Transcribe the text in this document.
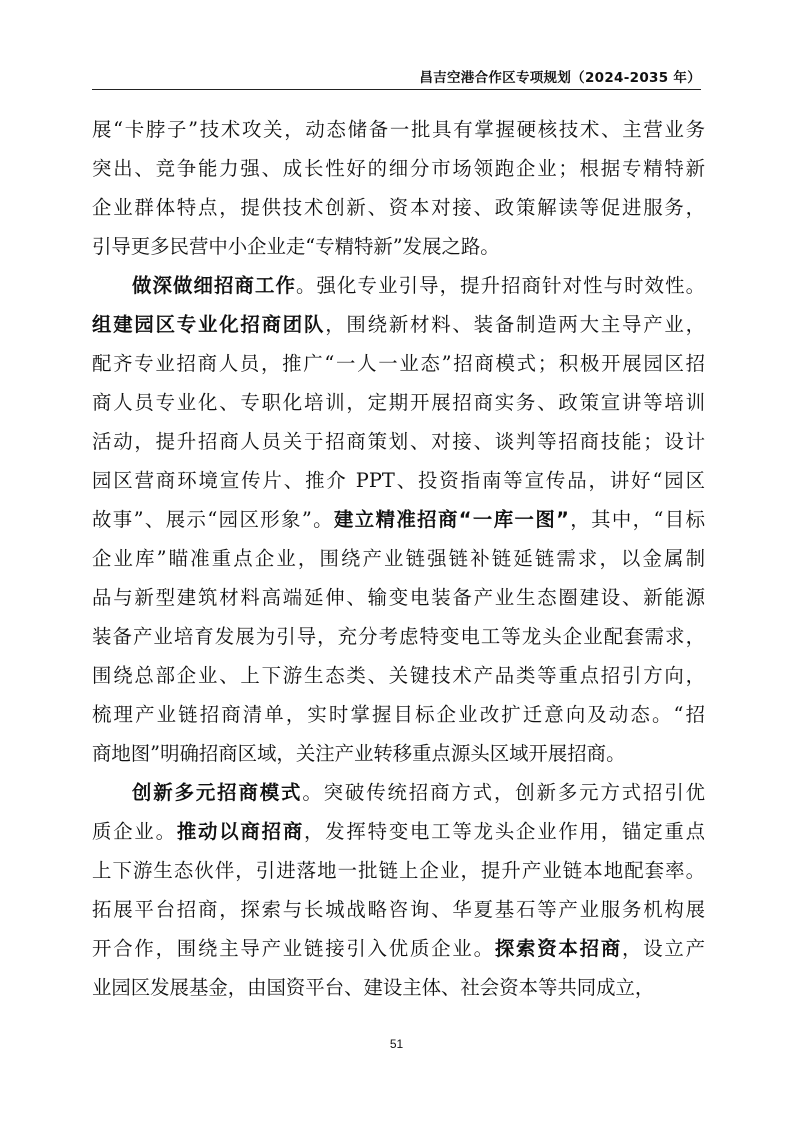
昌吉空港合作区专项规划（2024-2035 年）
展“卡脖子”技术攻关，动态储备一批具有掌握硬核技术、主营业务
突出、竞争能力强、成长性好的细分市场领跑企业；根据专精特新
企业群体特点，提供技术创新、资本对接、政策解读等促进服务，
引导更多民营中小企业走“专精特新”发展之路。
做深做细招商工作。强化专业引导，提升招商针对性与时效性。
组建园区专业化招商团队，围绕新材料、装备制造两大主导产业，
配齐专业招商人员，推广“一人一业态”招商模式；积极开展园区招
商人员专业化、专职化培训，定期开展招商实务、政策宣讲等培训
活动，提升招商人员关于招商策划、对接、谈判等招商技能；设计
园区营商环境宣传片、推介 PPT、投资指南等宣传品，讲好“园区
故事”、展示“园区形象”。建立精准招商“一库一图”，其中，“目标
企业库”瞄准重点企业，围绕产业链强链补链延链需求，以金属制
品与新型建筑材料高端延伸、输变电装备产业生态圈建设、新能源
装备产业培育发展为引导，充分考虑特变电工等龙头企业配套需求，
围绕总部企业、上下游生态类、关键技术产品类等重点招引方向，
梳理产业链招商清单，实时掌握目标企业改扩迁意向及动态。“招
商地图”明确招商区域，关注产业转移重点源头区域开展招商。
创新多元招商模式。突破传统招商方式，创新多元方式招引优
质企业。推动以商招商，发挥特变电工等龙头企业作用，锚定重点
上下游生态伙伴，引进落地一批链上企业，提升产业链本地配套率。
拓展平台招商，探索与长城战略咨询、华夏基石等产业服务机构展
开合作，围绕主导产业链接引入优质企业。探索资本招商，设立产
业园区发展基金，由国资平台、建设主体、社会资本等共同成立，
51
